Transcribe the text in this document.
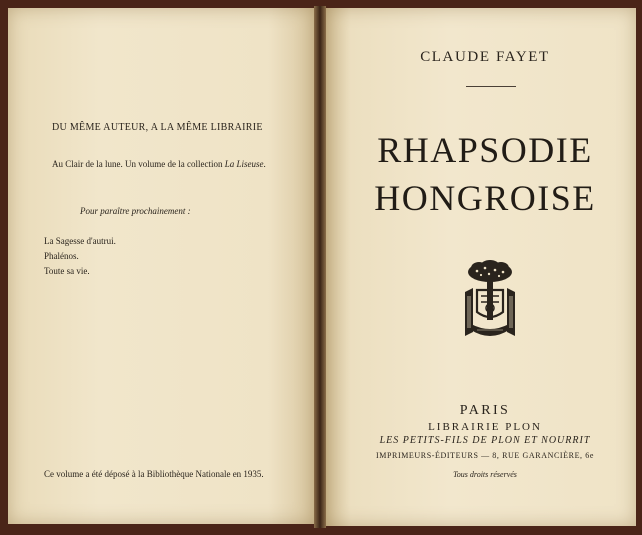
DU MÊME AUTEUR, A LA MÊME LIBRAIRIE
Au Clair de la lune. Un volume de la collection La Liseuse.
Pour paraître prochainement :
La Sagesse d'autrui.
Phalénos.
Toute sa vie.
Ce volume a été déposé à la Bibliothèque Nationale en 1935.
CLAUDE FAYET
RHAPSODIE
HONGROISE
PARIS
LIBRAIRIE PLON
LES PETITS-FILS DE PLON ET NOURRIT
IMPRIMEURS-ÉDITEURS — 8, RUE GARANCIÈRE, 6e
Tous droits réservés
